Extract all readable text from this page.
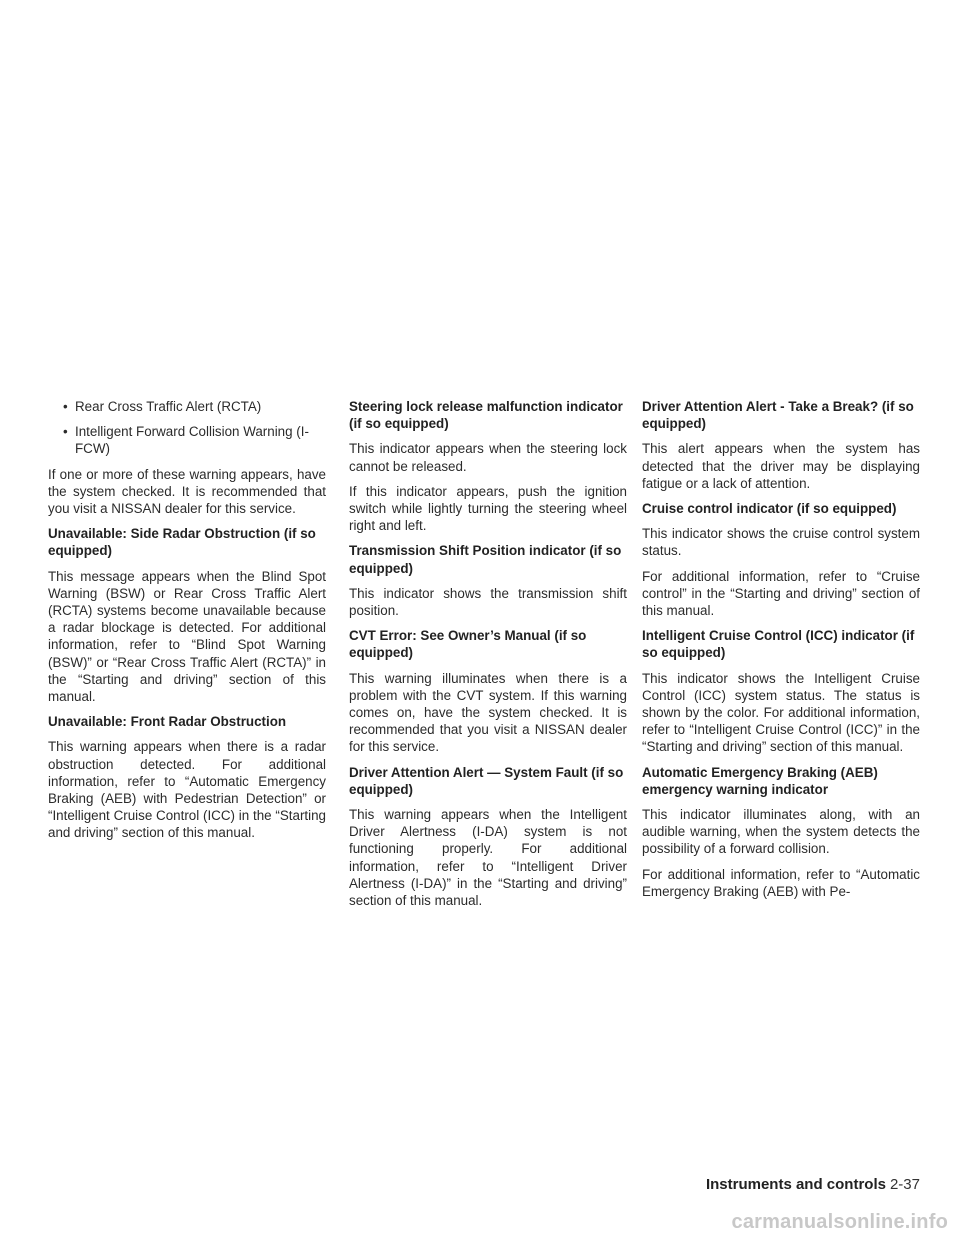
• Rear Cross Traffic Alert (RCTA)
• Intelligent Forward Collision Warning (I-FCW)

If one or more of these warning appears, have the system checked. It is recommended that you visit a NISSAN dealer for this service.

Unavailable: Side Radar Obstruction (if so equipped)

This message appears when the Blind Spot Warning (BSW) or Rear Cross Traffic Alert (RCTA) systems become unavailable because a radar blockage is detected. For additional information, refer to “Blind Spot Warning (BSW)” or “Rear Cross Traffic Alert (RCTA)” in the “Starting and driving” section of this manual.

Unavailable: Front Radar Obstruction

This warning appears when there is a radar obstruction detected. For additional information, refer to “Automatic Emergency Braking (AEB) with Pedestrian Detection” or “Intelligent Cruise Control (ICC) in the “Starting and driving” section of this manual.

Steering lock release malfunction indicator (if so equipped)

This indicator appears when the steering lock cannot be released.

If this indicator appears, push the ignition switch while lightly turning the steering wheel right and left.

Transmission Shift Position indicator (if so equipped)

This indicator shows the transmission shift position.

CVT Error: See Owner’s Manual (if so equipped)

This warning illuminates when there is a problem with the CVT system. If this warning comes on, have the system checked. It is recommended that you visit a NISSAN dealer for this service.

Driver Attention Alert — System Fault (if so equipped)

This warning appears when the Intelligent Driver Alertness (I-DA) system is not functioning properly. For additional information, refer to “Intelligent Driver Alertness (I-DA)” in the “Starting and driving” section of this manual.

Driver Attention Alert - Take a Break? (if so equipped)

This alert appears when the system has detected that the driver may be displaying fatigue or a lack of attention.

Cruise control indicator (if so equipped)

This indicator shows the cruise control system status.

For additional information, refer to “Cruise control” in the “Starting and driving” section of this manual.

Intelligent Cruise Control (ICC) indicator (if so equipped)

This indicator shows the Intelligent Cruise Control (ICC) system status. The status is shown by the color. For additional information, refer to “Intelligent Cruise Control (ICC)” in the “Starting and driving” section of this manual.

Automatic Emergency Braking (AEB) emergency warning indicator

This indicator illuminates along, with an audible warning, when the system detects the possibility of a forward collision.

For additional information, refer to “Automatic Emergency Braking (AEB) with Pe-

Instruments and controls 2-37
carmanualsonline.info
